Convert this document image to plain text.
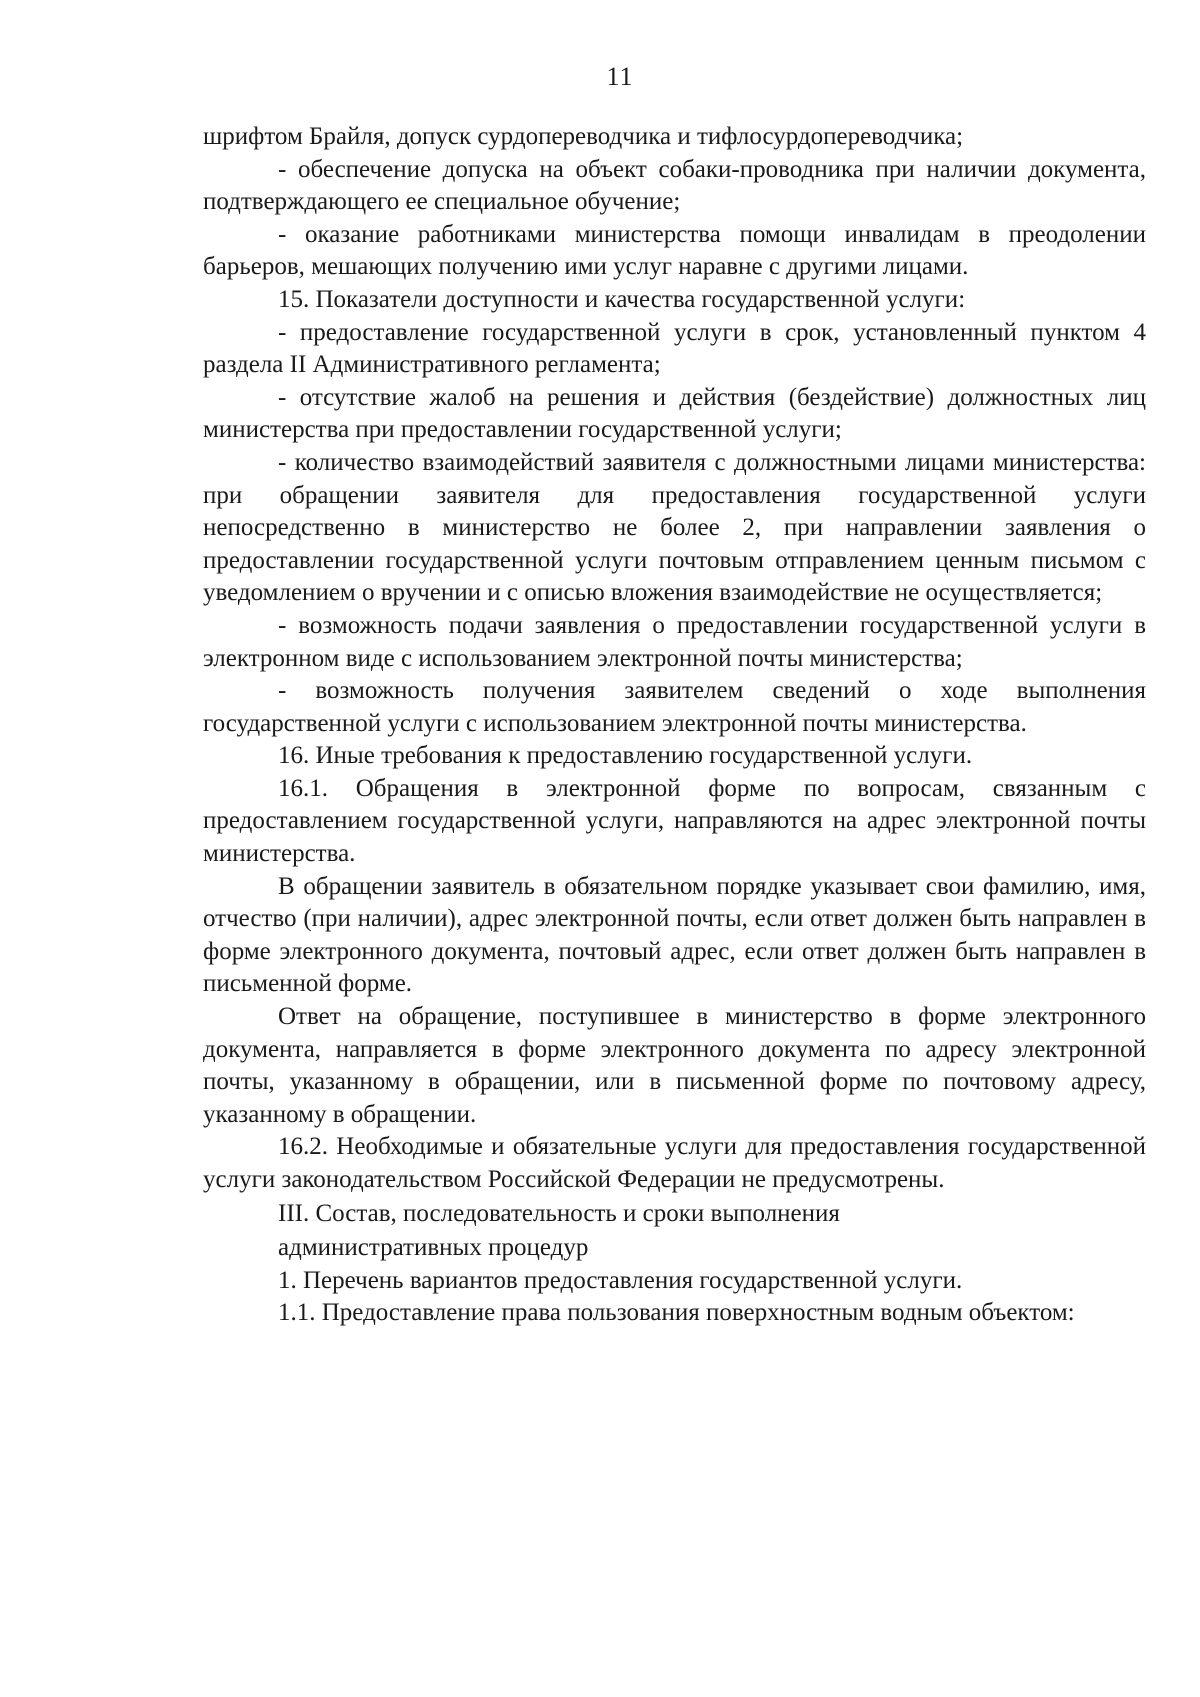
11

шрифтом Брайля, допуск сурдопереводчика и тифлосурдопереводчика;

- обеспечение допуска на объект собаки-проводника при наличии документа, подтверждающего ее специальное обучение;

- оказание работниками министерства помощи инвалидам в преодолении барьеров, мешающих получению ими услуг наравне с другими лицами.

15. Показатели доступности и качества государственной услуги:

- предоставление государственной услуги в срок, установленный пунктом 4 раздела II Административного регламента;

- отсутствие жалоб на решения и действия (бездействие) должностных лиц министерства при предоставлении государственной услуги;

- количество взаимодействий заявителя с должностными лицами министерства: при обращении заявителя для предоставления государственной услуги непосредственно в министерство не более 2, при направлении заявления о предоставлении государственной услуги почтовым отправлением ценным письмом с уведомлением о вручении и с описью вложения взаимодействие не осуществляется;

- возможность подачи заявления о предоставлении государственной услуги в электронном виде с использованием электронной почты министерства;

- возможность получения заявителем сведений о ходе выполнения государственной услуги с использованием электронной почты министерства.

16. Иные требования к предоставлению государственной услуги.

16.1. Обращения в электронной форме по вопросам, связанным с предоставлением государственной услуги, направляются на адрес электронной почты министерства.

В обращении заявитель в обязательном порядке указывает свои фамилию, имя, отчество (при наличии), адрес электронной почты, если ответ должен быть направлен в форме электронного документа, почтовый адрес, если ответ должен быть направлен в письменной форме.

Ответ на обращение, поступившее в министерство в форме электронного документа, направляется в форме электронного документа по адресу электронной почты, указанному в обращении, или в письменной форме по почтовому адресу, указанному в обращении.

16.2. Необходимые и обязательные услуги для предоставления государственной услуги законодательством Российской Федерации не предусмотрены.

III. Состав, последовательность и сроки выполнения
административных процедур

1. Перечень вариантов предоставления государственной услуги.

1.1. Предоставление права пользования поверхностным водным объектом:
